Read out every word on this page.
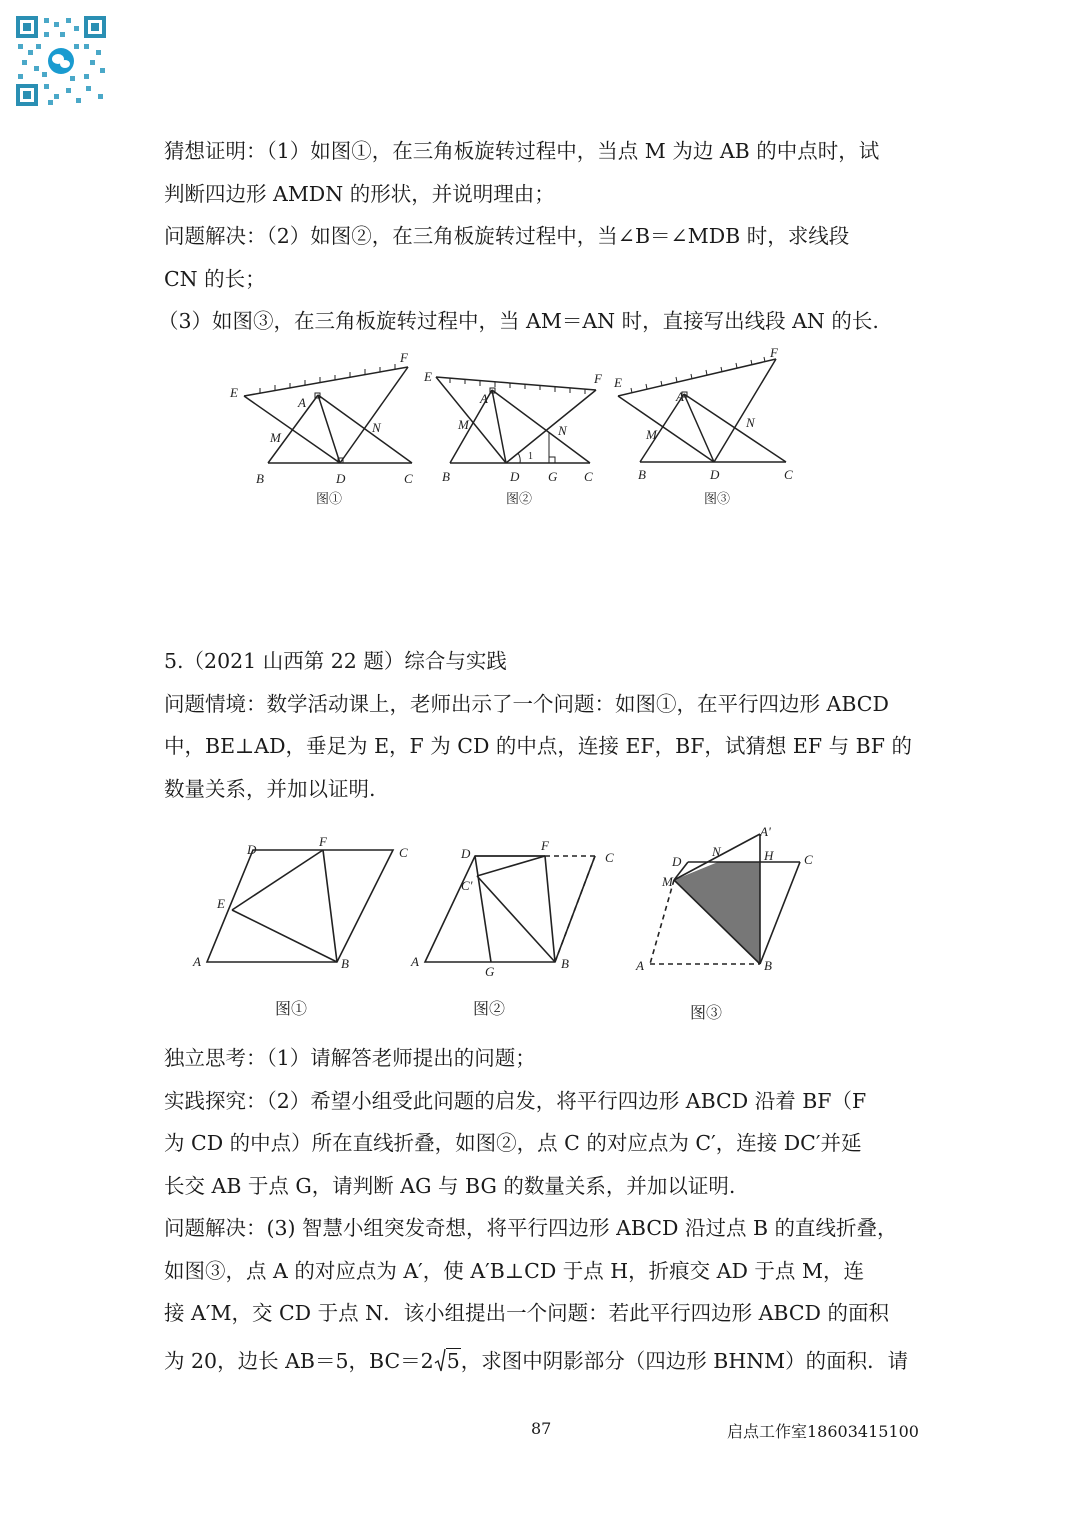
猜想证明：（1）如图①，在三角板旋转过程中，当点 M 为边 AB 的中点时，试
判断四边形 AMDN 的形状，并说明理由；
问题解决：（2）如图②，在三角板旋转过程中，当∠B＝∠MDB 时，求线段
CN 的长；
（3）如图③，在三角板旋转过程中，当 AM＝AN 时，直接写出线段 AN 的长.
E
F
A
M
N
B	D	C
图①
E	F
A
M	N
B	D G C
1
图②
E
F
A
M
N
B	D	C
图③
5.（2021 山西第 22 题）综合与实践
问题情境：数学活动课上，老师出示了一个问题：如图①，在平行四边形 ABCD
中，BE⊥AD，垂足为 E，F 为 CD 的中点，连接 EF，BF，试猜想 EF 与 BF 的
数量关系，并加以证明.
D
F
C
E
A	B
图①
D
F
C
C'
A
G
B
图②
A'
D
N	H C
M
A	B
图③
独立思考：（1）请解答老师提出的问题；
实践探究：（2）希望小组受此问题的启发，将平行四边形 ABCD 沿着 BF（F
为 CD 的中点）所在直线折叠，如图②，点 C 的对应点为 C′，连接 DC′并延
长交 AB 于点 G，请判断 AG 与 BG 的数量关系，并加以证明.
问题解决：(3) 智慧小组突发奇想，将平行四边形 ABCD 沿过点 B 的直线折叠，
如图③，点 A 的对应点为 A′，使 A′B⊥CD 于点 H，折痕交 AD 于点 M，连
接 A′M，交 CD 于点 N．该小组提出一个问题：若此平行四边形 ABCD 的面积
为 20，边长 AB＝5，BC＝2 5，求图中阴影部分（四边形 BHNM）的面积．请
87	启点工作室18603415100
